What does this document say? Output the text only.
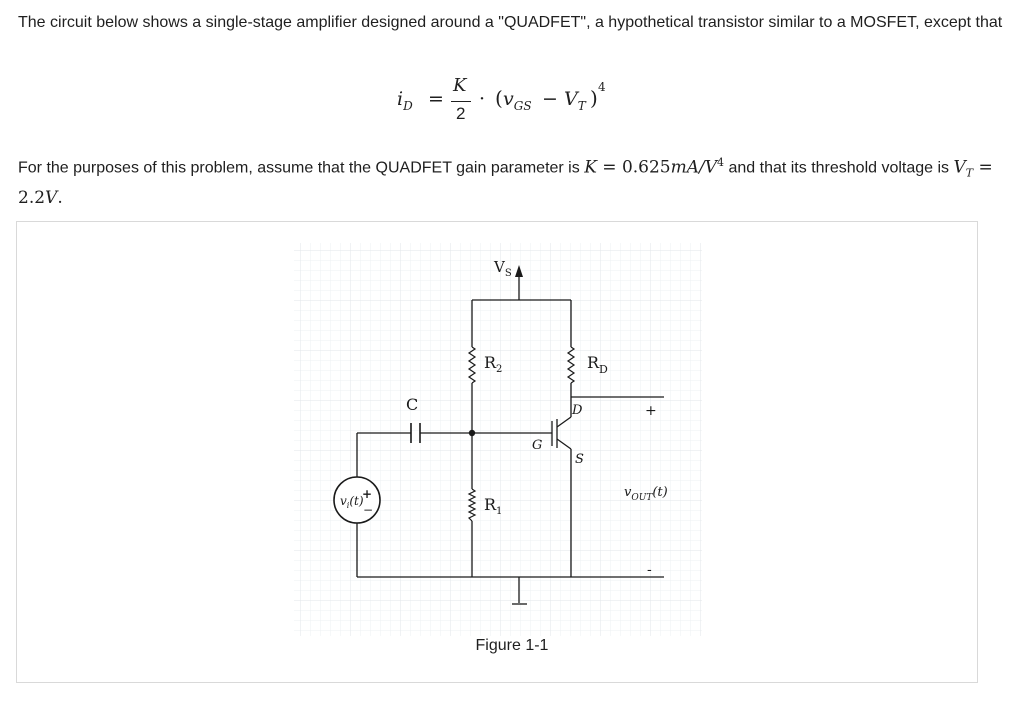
The circuit below shows a single-stage amplifier designed around a "QUADFET", a hypothetical transistor similar to a MOSFET, except that

$i_D$ =
K
2
· ( $v_{GS} - V_T$ ) 4

For the purposes of this problem, assume that the QUADFET gain parameter is $K = 0.625mA/V^4$ and that its threshold voltage is $V_T = 2.2V$.

$V_S$
$R_2$	$R_D$
$R_1$
C	D
G
S
+
-
$v_{OUT}(t)$
$v_i(t)$
+
−
Figure 1-1
